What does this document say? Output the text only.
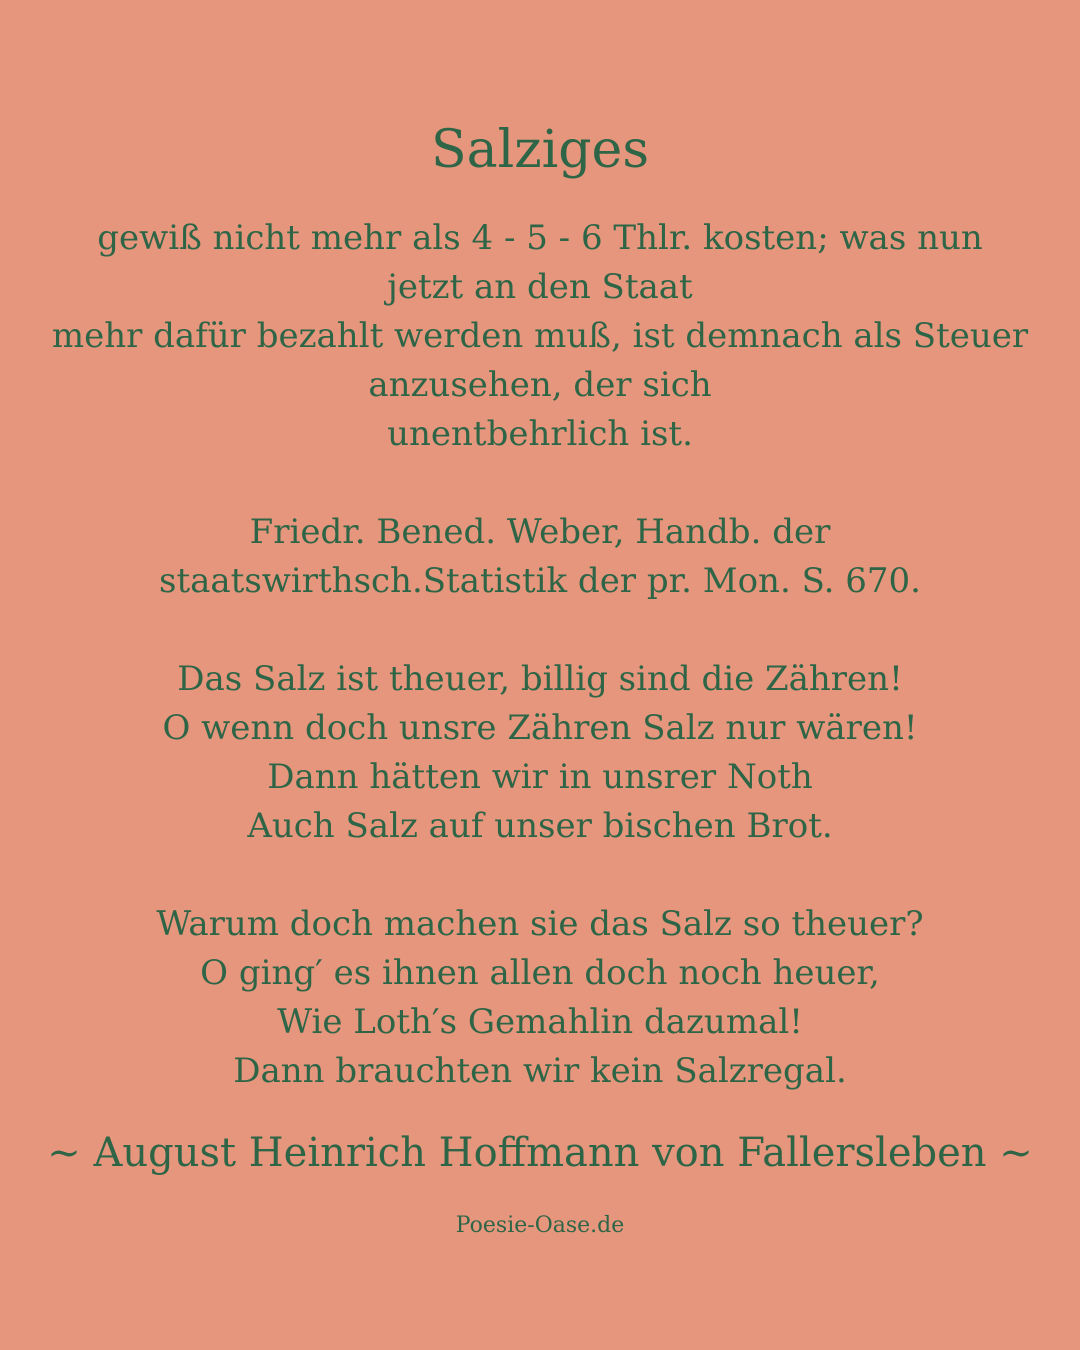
Salziges
gewiß nicht mehr als 4 - 5 - 6 Thlr. kosten; was nun
jetzt an den Staat
mehr dafür bezahlt werden muß, ist demnach als Steuer
anzusehen, der sich
unentbehrlich ist.
Friedr. Bened. Weber, Handb. der
staatswirthsch.Statistik der pr. Mon. S. 670.
Das Salz ist theuer, billig sind die Zähren!
O wenn doch unsre Zähren Salz nur wären!
Dann hätten wir in unsrer Noth
Auch Salz auf unser bischen Brot.
Warum doch machen sie das Salz so theuer?
O ging′ es ihnen allen doch noch heuer,
Wie Loth′s Gemahlin dazumal!
Dann brauchten wir kein Salzregal.
~ August Heinrich Hoffmann von Fallersleben ~
Poesie-Oase.de
